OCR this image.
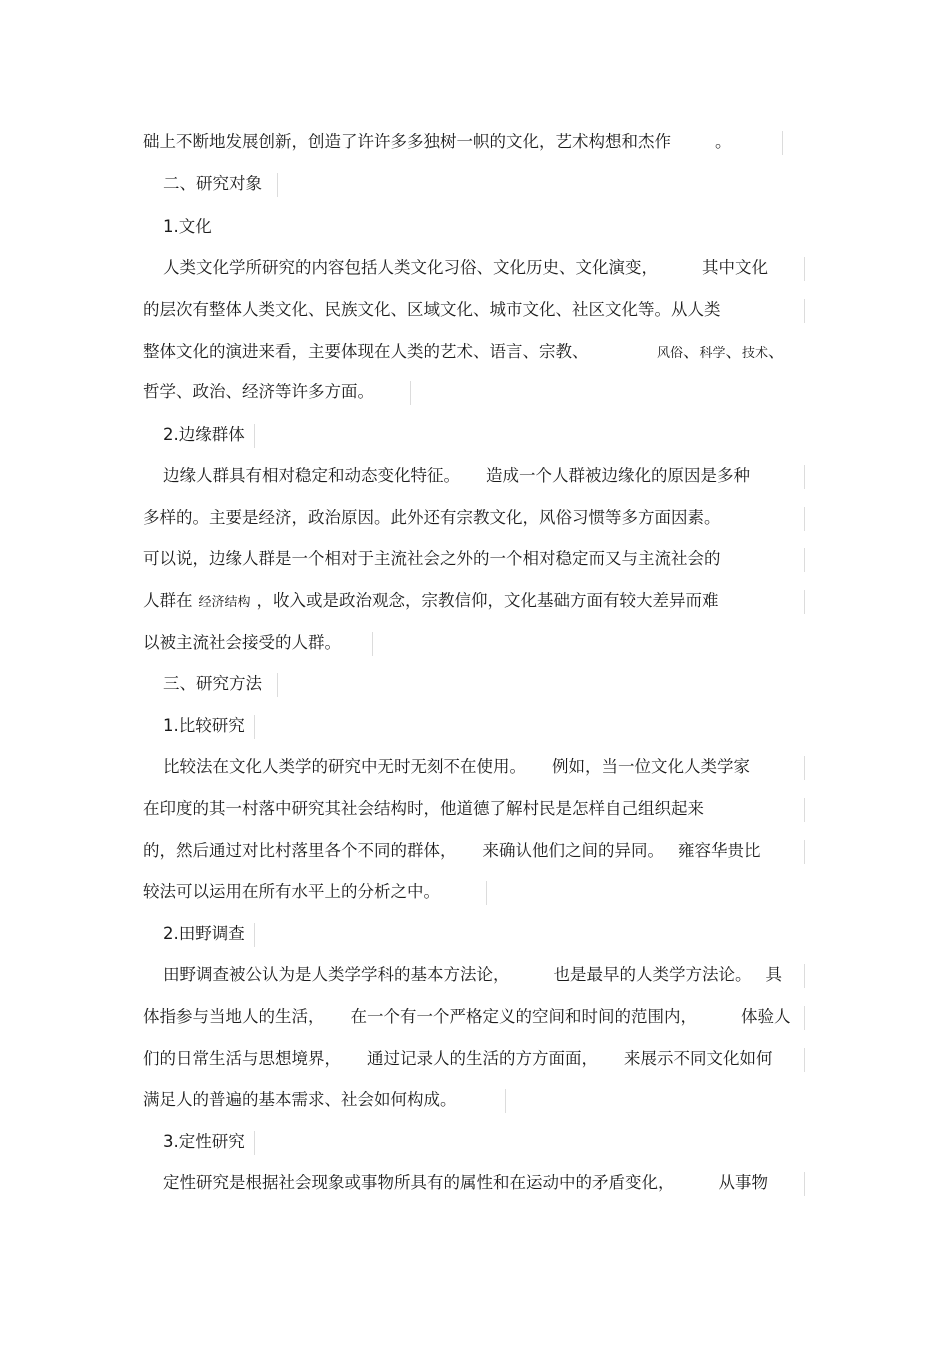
础上不断地发展创新，创造了许许多多独树一帜的文化，艺术构想和杰作	。
二、研究对象
1.文化
人类文化学所研究的内容包括人类文化习俗、文化历史、文化演变，	其中文化
的层次有整体人类文化、民族文化、区域文化、城市文化、社区文化等。从人类
整体文化的演进来看，主要体现在人类的艺术、语言、宗教、	风俗、科学、技术、
哲学、政治、经济等许多方面。
2.边缘群体
边缘人群具有相对稳定和动态变化特征。 造成一个人群被边缘化的原因是多种
多样的。主要是经济，政治原因。此外还有宗教文化，风俗习惯等多方面因素。
可以说，边缘人群是一个相对于主流社会之外的一个相对稳定而又与主流社会的
人群在 经济结构 ，收入或是政治观念，宗教信仰，文化基础方面有较大差异而难
以被主流社会接受的人群。
三、研究方法
1.比较研究
比较法在文化人类学的研究中无时无刻不在使用。 例如，当一位文化人类学家
在印度的其一村落中研究其社会结构时，他道德了解村民是怎样自己组织起来
的，然后通过对比村落里各个不同的群体， 来确认他们之间的异同。 雍容华贵比
较法可以运用在所有水平上的分析之中。
2.田野调查
田野调查被公认为是人类学学科的基本方法论，	也是最早的人类学方法论。 具
体指参与当地人的生活， 在一个有一个严格定义的空间和时间的范围内，	体验人
们的日常生活与思想境界， 通过记录人的生活的方方面面， 来展示不同文化如何
满足人的普遍的基本需求、社会如何构成。
3.定性研究
定性研究是根据社会现象或事物所具有的属性和在运动中的矛盾变化，	从事物
